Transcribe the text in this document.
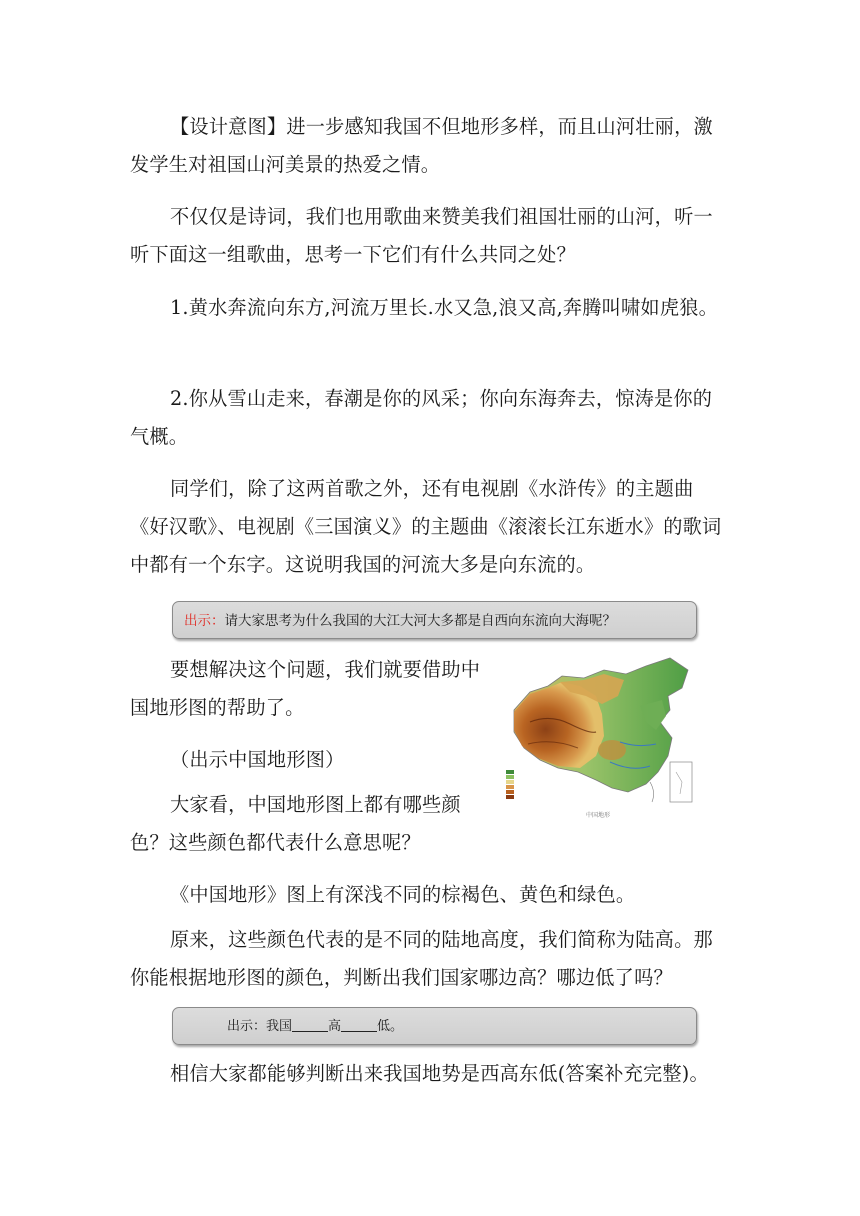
【设计意图】进一步感知我国不但地形多样，而且山河壮丽，激发学生对祖国山河美景的热爱之情。

不仅仅是诗词，我们也用歌曲来赞美我们祖国壮丽的山河，听一听下面这一组歌曲，思考一下它们有什么共同之处？

1.黄水奔流向东方,河流万里长.水又急,浪又高,奔腾叫啸如虎狼。

2.你从雪山走来，春潮是你的风采；你向东海奔去，惊涛是你的气概。

同学们，除了这两首歌之外，还有电视剧《水浒传》的主题曲《好汉歌》、电视剧《三国演义》的主题曲《滚滚长江东逝水》的歌词中都有一个东字。这说明我国的河流大多是向东流的。

出示：请大家思考为什么我国的大江大河大多都是自西向东流向大海呢？

要想解决这个问题，我们就要借助中国地形图的帮助了。

（出示中国地形图）

大家看，中国地形图上都有哪些颜色？这些颜色都代表什么意思呢？

中国地形

《中国地形》图上有深浅不同的棕褐色、黄色和绿色。

原来，这些颜色代表的是不同的陆地高度，我们简称为陆高。那你能根据地形图的颜色，判断出我们国家哪边高？哪边低了吗？

出示：我国	高	低。

相信大家都能够判断出来我国地势是西高东低(答案补充完整)。
